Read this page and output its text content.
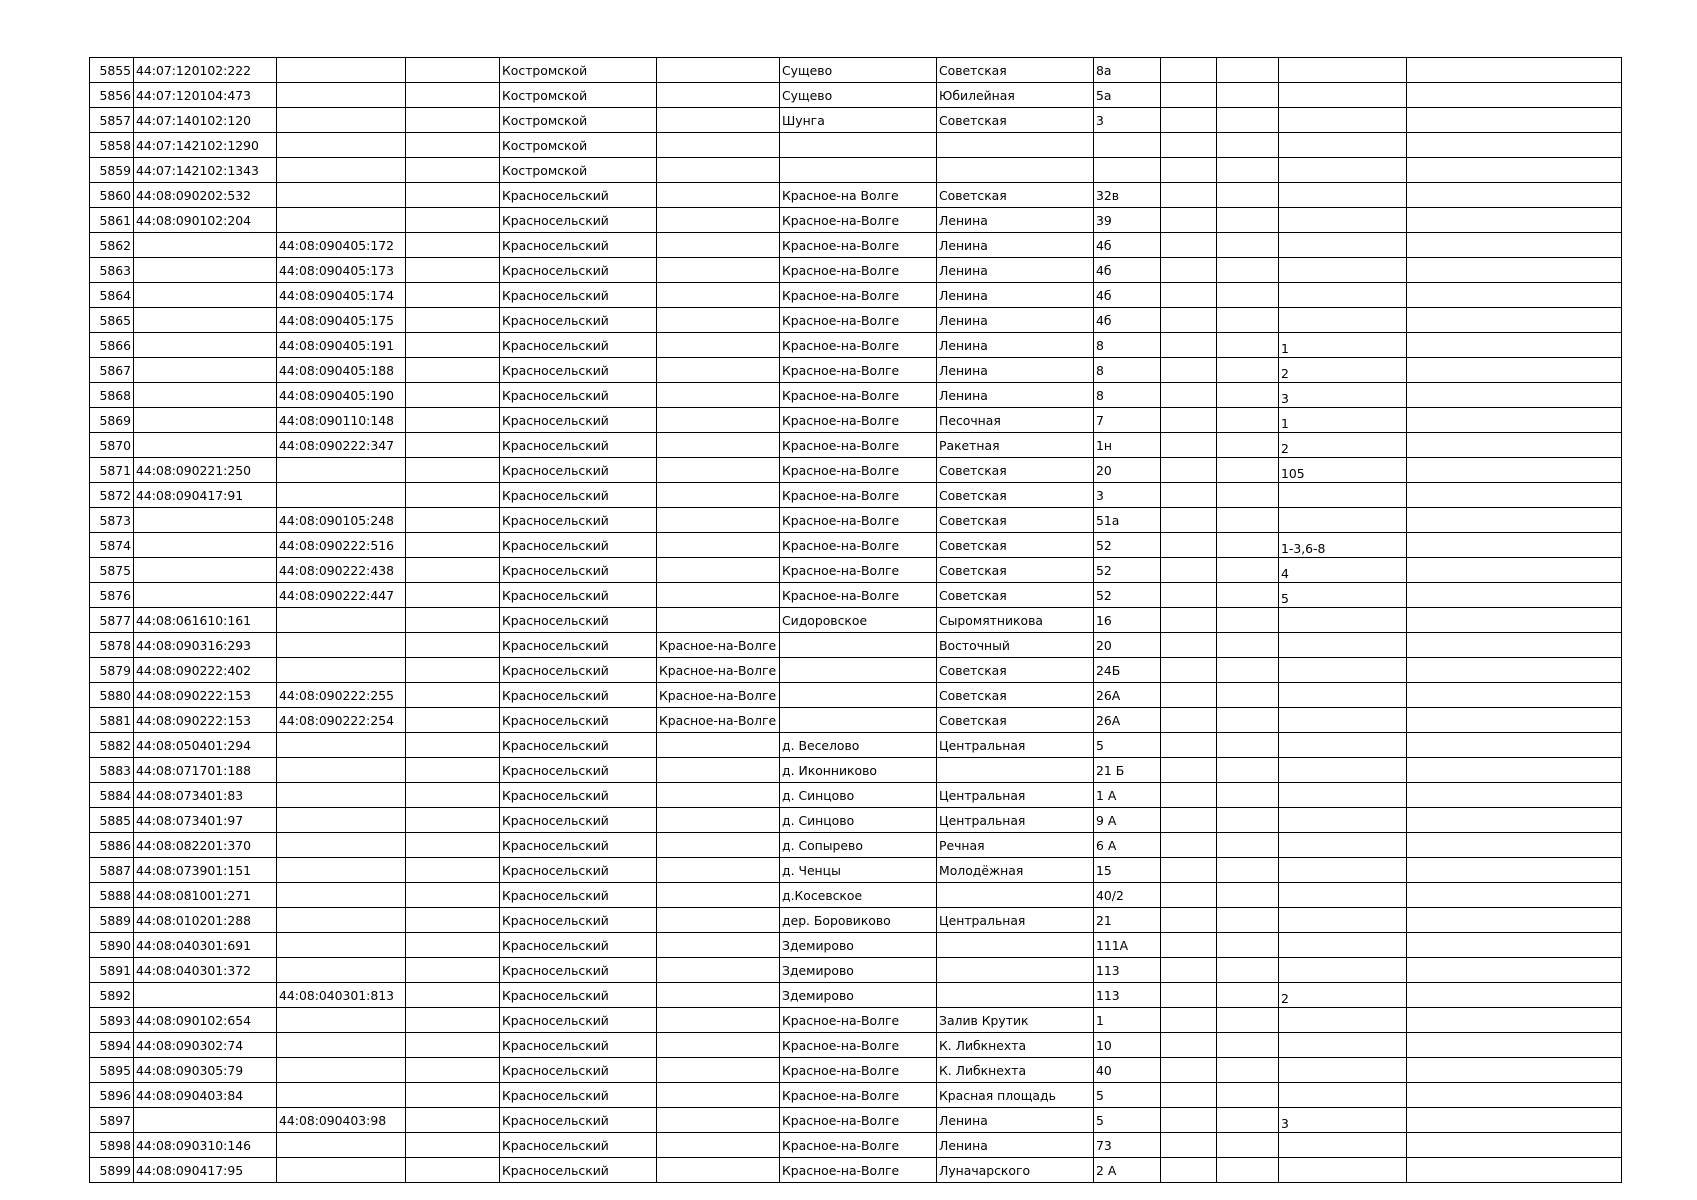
5855	44:07:120102:222			Костромской		Сущево	Советская	8а				
5856	44:07:120104:473			Костромской		Сущево	Юбилейная	5а				
5857	44:07:140102:120			Костромской		Шунга	Советская	3				
5858	44:07:142102:1290			Костромской								
5859	44:07:142102:1343			Костромской								
5860	44:08:090202:532			Красносельский		Красное-на Волге	Советская	32в				
5861	44:08:090102:204			Красносельский		Красное-на-Волге	Ленина	39				
5862		44:08:090405:172		Красносельский		Красное-на-Волге	Ленина	4б				
5863		44:08:090405:173		Красносельский		Красное-на-Волге	Ленина	4б				
5864		44:08:090405:174		Красносельский		Красное-на-Волге	Ленина	4б				
5865		44:08:090405:175		Красносельский		Красное-на-Волге	Ленина	4б				
5866		44:08:090405:191		Красносельский		Красное-на-Волге	Ленина	8			1	
5867		44:08:090405:188		Красносельский		Красное-на-Волге	Ленина	8			2	
5868		44:08:090405:190		Красносельский		Красное-на-Волге	Ленина	8			3	
5869		44:08:090110:148		Красносельский		Красное-на-Волге	Песочная	7			1	
5870		44:08:090222:347		Красносельский		Красное-на-Волге	Ракетная	1н			2	
5871	44:08:090221:250			Красносельский		Красное-на-Волге	Советская	20			105	
5872	44:08:090417:91			Красносельский		Красное-на-Волге	Советская	3				
5873		44:08:090105:248		Красносельский		Красное-на-Волге	Советская	51а				
5874		44:08:090222:516		Красносельский		Красное-на-Волге	Советская	52			1-3,6-8	
5875		44:08:090222:438		Красносельский		Красное-на-Волге	Советская	52			4	
5876		44:08:090222:447		Красносельский		Красное-на-Волге	Советская	52			5	
5877	44:08:061610:161			Красносельский		Сидоровское	Сыромятникова	16				
5878	44:08:090316:293			Красносельский	Красное-на-Волге		Восточный	20				
5879	44:08:090222:402			Красносельский	Красное-на-Волге		Советская	24Б				
5880	44:08:090222:153	44:08:090222:255		Красносельский	Красное-на-Волге		Советская	26А				
5881	44:08:090222:153	44:08:090222:254		Красносельский	Красное-на-Волге		Советская	26А				
5882	44:08:050401:294			Красносельский		д. Веселово	Центральная	5				
5883	44:08:071701:188			Красносельский		д. Иконниково		21 Б				
5884	44:08:073401:83			Красносельский		д. Синцово	Центральная	1 А				
5885	44:08:073401:97			Красносельский		д. Синцово	Центральная	9 А				
5886	44:08:082201:370			Красносельский		д. Сопырево	Речная	6 А				
5887	44:08:073901:151			Красносельский		д. Ченцы	Молодёжная	15				
5888	44:08:081001:271			Красносельский		д.Косевское		40/2				
5889	44:08:010201:288			Красносельский		дер. Боровиково	Центральная	21				
5890	44:08:040301:691			Красносельский		Здемирово		111А				
5891	44:08:040301:372			Красносельский		Здемирово		113				
5892		44:08:040301:813		Красносельский		Здемирово		113			2	
5893	44:08:090102:654			Красносельский		Красное-на-Волге	Залив Крутик	1				
5894	44:08:090302:74			Красносельский		Красное-на-Волге	К. Либкнехта	10				
5895	44:08:090305:79			Красносельский		Красное-на-Волге	К. Либкнехта	40				
5896	44:08:090403:84			Красносельский		Красное-на-Волге	Красная площадь	5				
5897		44:08:090403:98		Красносельский		Красное-на-Волге	Ленина	5			3	
5898	44:08:090310:146			Красносельский		Красное-на-Волге	Ленина	73				
5899	44:08:090417:95			Красносельский		Красное-на-Волге	Луначарского	2 А				
